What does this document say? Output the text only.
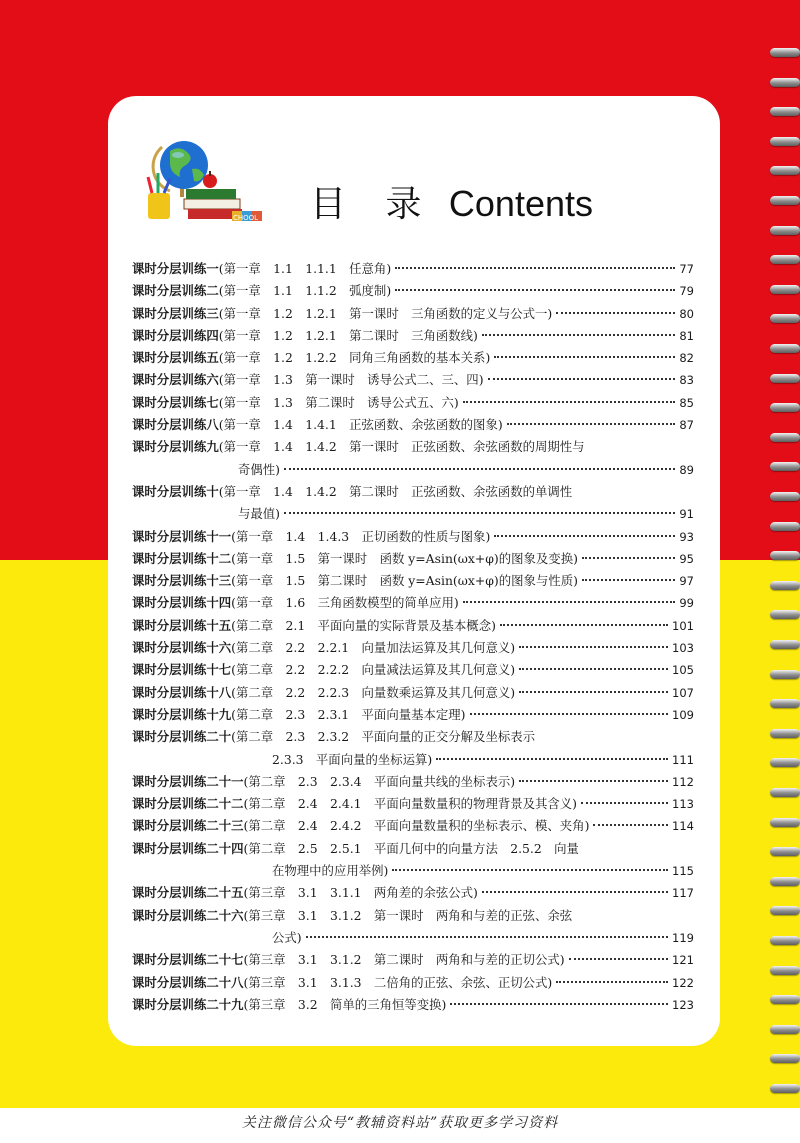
关注微信公众号“教辅资料站”获取更多学习资料
CHOOL 目 录 Contents
课时分层训练一 (第一章　1.1　1.1.1　任意角)	77
课时分层训练二 (第一章　1.1　1.1.2　弧度制)	79
课时分层训练三 (第一章　1.2　1.2.1　第一课时　三角函数的定义与公式一)	80
课时分层训练四 (第一章　1.2　1.2.1　第二课时　三角函数线)	81
课时分层训练五 (第一章　1.2　1.2.2　同角三角函数的基本关系)	82
课时分层训练六 (第一章　1.3　第一课时　诱导公式二、三、四)	83
课时分层训练七 (第一章　1.3　第二课时　诱导公式五、六)	85
课时分层训练八 (第一章　1.4　1.4.1　正弦函数、余弦函数的图象)	87
课时分层训练九 (第一章　1.4　1.4.2　第一课时　正弦函数、余弦函数的周期性与
奇偶性)	89
课时分层训练十 (第一章　1.4　1.4.2　第二课时　正弦函数、余弦函数的单调性
与最值)	91
课时分层训练十一 (第一章　1.4　1.4.3　正切函数的性质与图象)	93
课时分层训练十二 (第一章　1.5　第一课时　函数 y=Asin(ωx+φ)的图象及变换)	95
课时分层训练十三 (第一章　1.5　第二课时　函数 y=Asin(ωx+φ)的图象与性质)	97
课时分层训练十四 (第一章　1.6　三角函数模型的简单应用)	99
课时分层训练十五 (第二章　2.1　平面向量的实际背景及基本概念)	101
课时分层训练十六 (第二章　2.2　2.2.1　向量加法运算及其几何意义)	103
课时分层训练十七 (第二章　2.2　2.2.2　向量减法运算及其几何意义)	105
课时分层训练十八 (第二章　2.2　2.2.3　向量数乘运算及其几何意义)	107
课时分层训练十九 (第二章　2.3　2.3.1　平面向量基本定理)	109
课时分层训练二十 (第二章　2.3　2.3.2　平面向量的正交分解及坐标表示
2.3.3　平面向量的坐标运算)	111
课时分层训练二十一 (第二章　2.3　2.3.4　平面向量共线的坐标表示)	112
课时分层训练二十二 (第二章　2.4　2.4.1　平面向量数量积的物理背景及其含义)	113
课时分层训练二十三 (第二章　2.4　2.4.2　平面向量数量积的坐标表示、模、夹角)	114
课时分层训练二十四 (第二章　2.5　2.5.1　平面几何中的向量方法　2.5.2　向量
在物理中的应用举例)	115
课时分层训练二十五 (第三章　3.1　3.1.1　两角差的余弦公式)	117
课时分层训练二十六 (第三章　3.1　3.1.2　第一课时　两角和与差的正弦、余弦
公式)	119
课时分层训练二十七 (第三章　3.1　3.1.2　第二课时　两角和与差的正切公式)	121
课时分层训练二十八 (第三章　3.1　3.1.3　二倍角的正弦、余弦、正切公式)	122
课时分层训练二十九 (第三章　3.2　简单的三角恒等变换)	123
